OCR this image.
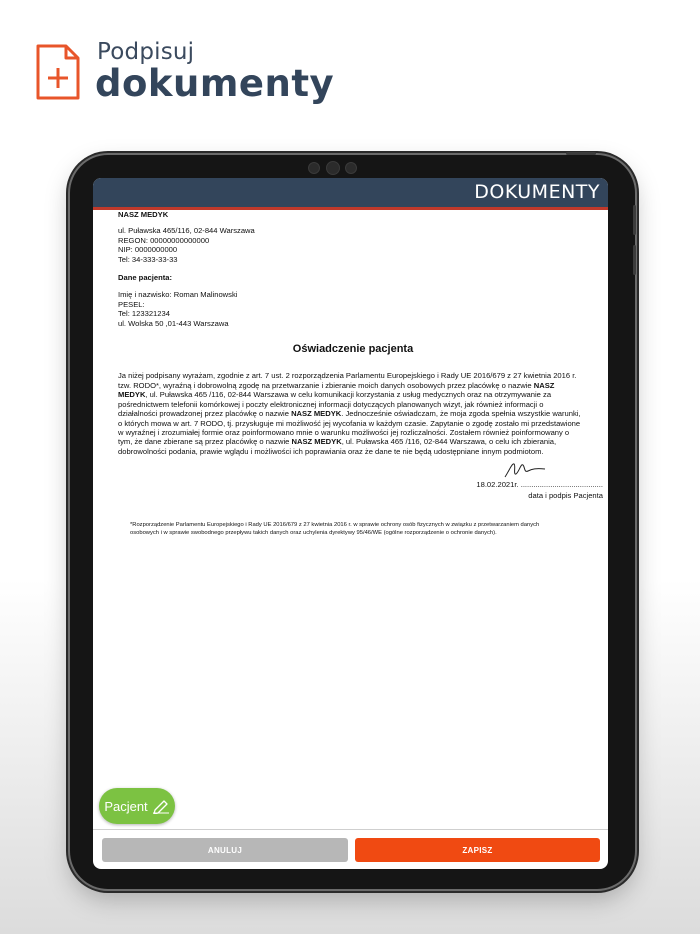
Podpisuj
dokumenty
DOKUMENTY
NASZ MEDYK
ul. Puławska 465/116, 02-844 Warszawa
REGON: 00000000000000
NIP: 0000000000
Tel: 34-333-33-33
Dane pacjenta:
Imię i nazwisko: Roman Malinowski
PESEL:
Tel: 123321234
ul. Wolska 50 ,01-443 Warszawa
Oświadczenie pacjenta
Ja niżej podpisany wyrażam, zgodnie z art. 7 ust. 2 rozporządzenia Parlamentu Europejskiego i Rady UE 2016/679 z 27 kwietnia 2016 r. tzw. RODO*, wyraźną i dobrowolną zgodę na przetwarzanie i zbieranie moich danych osobowych przez placówkę o nazwie NASZ MEDYK, ul. Puławska 465 /116, 02-844 Warszawa w celu komunikacji korzystania z usług medycznych oraz na otrzymywanie za pośrednictwem telefonii komórkowej i poczty elektronicznej informacji dotyczących planowanych wizyt, jak również informacji o działalności prowadzonej przez placówkę o nazwie NASZ MEDYK. Jednocześnie oświadczam, że moja zgoda spełnia wszystkie warunki, o których mowa w art. 7 RODO, tj. przysługuje mi możliwość jej wycofania w każdym czasie. Zapytanie o zgodę zostało mi przedstawione w wyraźnej i zrozumiałej formie oraz poinformowano mnie o warunku możliwości jej rozliczalności. Zostałem również poinformowany o tym, że dane zbierane są przez placówkę o nazwie NASZ MEDYK, ul. Puławska 465 /116, 02-844 Warszawa, o celu ich zbierania, dobrowolności podania, prawie wglądu i możliwości ich poprawiania oraz że dane te nie będą udostępniane innym podmiotom.
18.02.2021r. .......................................
data i podpis Pacjenta
*Rozporządzenie Parlamentu Europejskiego i Rady UE 2016/679 z 27 kwietnia 2016 r. w sprawie ochrony osób fizycznych w związku z przetwarzaniem danych osobowych i w sprawie swobodnego przepływu takich danych oraz uchylenia dyrektywy 95/46/WE (ogólne rozporządzenie o ochronie danych).
Pacjent
ANULUJ	ZAPISZ
